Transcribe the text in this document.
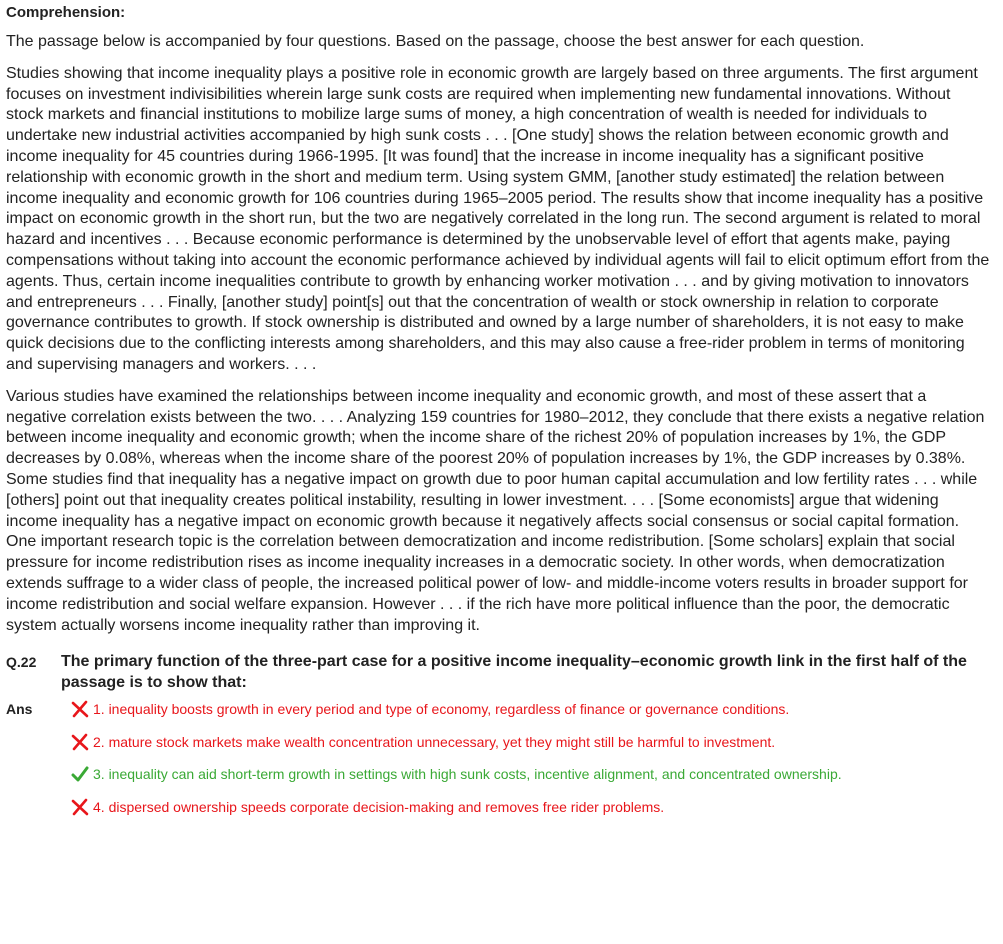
Comprehension:

The passage below is accompanied by four questions. Based on the passage, choose the best answer for each question.

Studies showing that income inequality plays a positive role in economic growth are largely based on three arguments. The first argument focuses on investment indivisibilities wherein large sunk costs are required when implementing new fundamental innovations. Without stock markets and financial institutions to mobilize large sums of money, a high concentration of wealth is needed for individuals to undertake new industrial activities accompanied by high sunk costs . . . [One study] shows the relation between economic growth and income inequality for 45 countries during 1966-1995. [It was found] that the increase in income inequality has a significant positive relationship with economic growth in the short and medium term. Using system GMM, [another study estimated] the relation between income inequality and economic growth for 106 countries during 1965–2005 period. The results show that income inequality has a positive impact on economic growth in the short run, but the two are negatively correlated in the long run. The second argument is related to moral hazard and incentives . . . Because economic performance is determined by the unobservable level of effort that agents make, paying compensations without taking into account the economic performance achieved by individual agents will fail to elicit optimum effort from the agents. Thus, certain income inequalities contribute to growth by enhancing worker motivation . . . and by giving motivation to innovators and entrepreneurs . . . Finally, [another study] point[s] out that the concentration of wealth or stock ownership in relation to corporate governance contributes to growth. If stock ownership is distributed and owned by a large number of shareholders, it is not easy to make quick decisions due to the conflicting interests among shareholders, and this may also cause a free-rider problem in terms of monitoring and supervising managers and workers. . . .

Various studies have examined the relationships between income inequality and economic growth, and most of these assert that a negative correlation exists between the two. . . . Analyzing 159 countries for 1980–2012, they conclude that there exists a negative relation between income inequality and economic growth; when the income share of the richest 20% of population increases by 1%, the GDP decreases by 0.08%, whereas when the income share of the poorest 20% of population increases by 1%, the GDP increases by 0.38%. Some studies find that inequality has a negative impact on growth due to poor human capital accumulation and low fertility rates . . . while [others] point out that inequality creates political instability, resulting in lower investment. . . . [Some economists] argue that widening income inequality has a negative impact on economic growth because it negatively affects social consensus or social capital formation. One important research topic is the correlation between democratization and income redistribution. [Some scholars] explain that social pressure for income redistribution rises as income inequality increases in a democratic society. In other words, when democratization extends suffrage to a wider class of people, the increased political power of low- and middle-income voters results in broader support for income redistribution and social welfare expansion. However . . . if the rich have more political influence than the poor, the democratic system actually worsens income inequality rather than improving it.

Q.22	The primary function of the three-part case for a positive income inequality–economic growth link in the first half of the passage is to show that:
Ans	1. inequality boosts growth in every period and type of economy, regardless of finance or governance conditions.
2. mature stock markets make wealth concentration unnecessary, yet they might still be harmful to investment.
3. inequality can aid short-term growth in settings with high sunk costs, incentive alignment, and concentrated ownership.
4. dispersed ownership speeds corporate decision-making and removes free rider problems.
